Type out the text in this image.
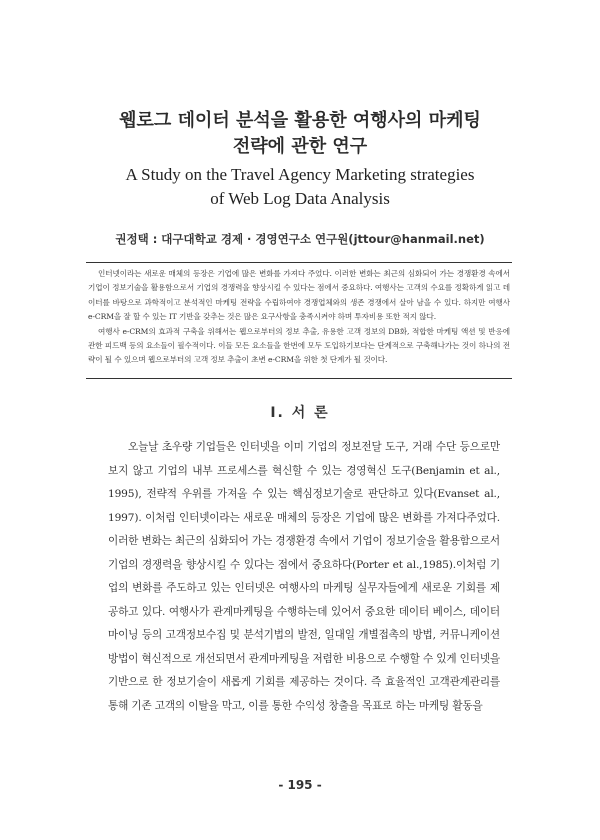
웹로그 데이터 분석을 활용한 여행사의 마케팅
전략에 관한 연구
A Study on the Travel Agency Marketing strategies
of Web Log Data Analysis
권정택 : 대구대학교 경제 · 경영연구소 연구원(jttour@hanmail.net)

인터넷이라는 새로운 매체의 등장은 기업에 많은 변화를 가져다 주었다. 이러한 변화는 최근의 심화되어 가는 경쟁환경 속에서 기업이 정보기술을 활용함으로서 기업의 경쟁력을 향상시킬 수 있다는 점에서 중요하다. 여행사는 고객의 수요를 정확하게 읽고 데이터를 바탕으로 과학적이고 분석적인 마케팅 전략을 수립하여야 경쟁업체와의 생존 경쟁에서 살아 남을 수 있다. 하지만 여행사 e-CRM을 잘 할 수 있는 IT 기반을 갖추는 것은 많은 요구사항을 충족시켜야 하며 투자비용 또한 적지 않다.

여행사 e-CRM의 효과적 구축을 위해서는 웹으로부터의 정보 추출, 유용한 고객 정보의 DB화, 적합한 마케팅 액션 및 반응에 관한 피드백 등의 요소들이 필수적이다. 이들 모든 요소들을 한번에 모두 도입하기보다는 단계적으로 구축해나가는 것이 하나의 전략이 될 수 있으며 웹으로부터의 고객 정보 추출이 초변 e-CRM을 위한 첫 단계가 될 것이다.

Ⅰ. 서 론

오늘날 초우량 기업들은 인터넷을 이미 기업의 정보전달 도구, 거래 수단 등으로만 보지 않고 기업의 내부 프로세스를 혁신할 수 있는 경영혁신 도구(Benjamin et al., 1995), 전략적 우위를 가져올 수 있는 핵심정보기술로 판단하고 있다(Evanset al., 1997). 이처럼 인터넷이라는 새로운 매체의 등장은 기업에 많은 변화를 가져다주었다. 이러한 변화는 최근의 심화되어 가는 경쟁환경 속에서 기업이 정보기술을 활용함으로서 기업의 경쟁력을 향상시킬 수 있다는 점에서 중요하다(Porter et al.,1985).이처럼 기업의 변화를 주도하고 있는 인터넷은 여행사의 마케팅 실무자들에게 새로운 기회를 제공하고 있다. 여행사가 관계마케팅을 수행하는데 있어서 중요한 데이터 베이스, 데이터 마이닝 등의 고객정보수집 및 분석기법의 발전, 일대일 개별접촉의 방법, 커뮤니케이션 방법이 혁신적으로 개선되면서 관계마케팅을 저렴한 비용으로 수행할 수 있게 인터넷을 기반으로 한 정보기술이 새롭게 기회를 제공하는 것이다. 즉 효율적인 고객관계관리를 통해 기존 고객의 이탈을 막고, 이를 통한 수익성 창출을 목표로 하는 마케팅 활동을

- 195 -
